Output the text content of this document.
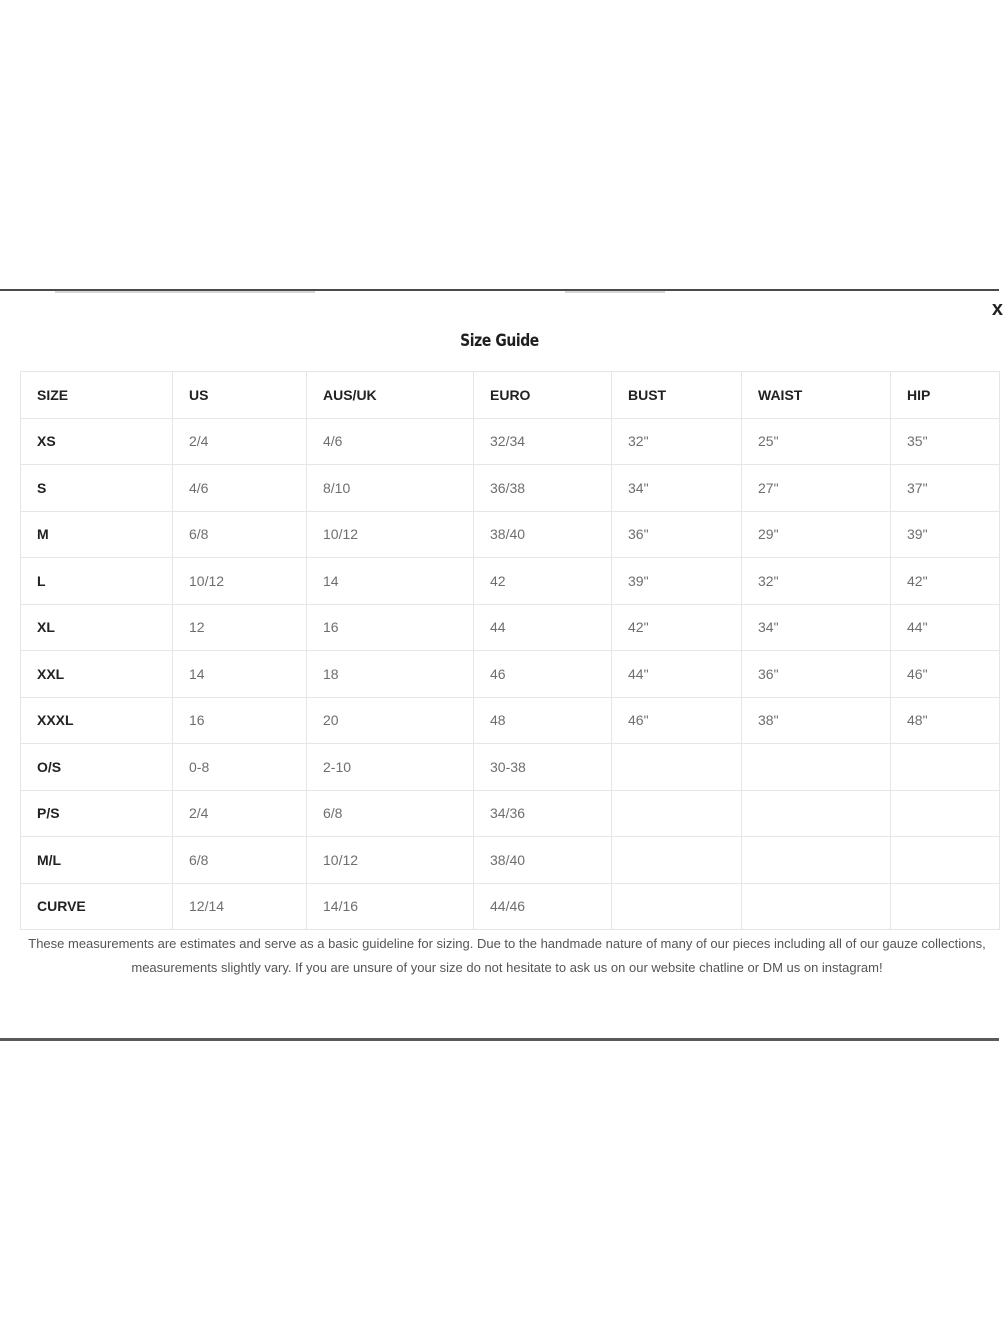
x
Size Guide
SIZE	US	AUS/UK	EURO	BUST	WAIST	HIP
XS	2/4	4/6	32/34	32"	25"	35"
S	4/6	8/10	36/38	34"	27"	37"
M	6/8	10/12	38/40	36"	29"	39"
L	10/12	14	42	39"	32"	42"
XL	12	16	44	42"	34"	44"
XXL	14	18	46	44"	36"	46"
XXXL	16	20	48	46"	38"	48"
O/S	0-8	2-10	30-38			
P/S	2/4	6/8	34/36			
M/L	6/8	10/12	38/40			
CURVE	12/14	14/16	44/46			
These measurements are estimates and serve as a basic guideline for sizing. Due to the handmade nature of many of our pieces including all of our gauze collections, measurements slightly vary. If you are unsure of your size do not hesitate to ask us on our website chatline or DM us on instagram!
